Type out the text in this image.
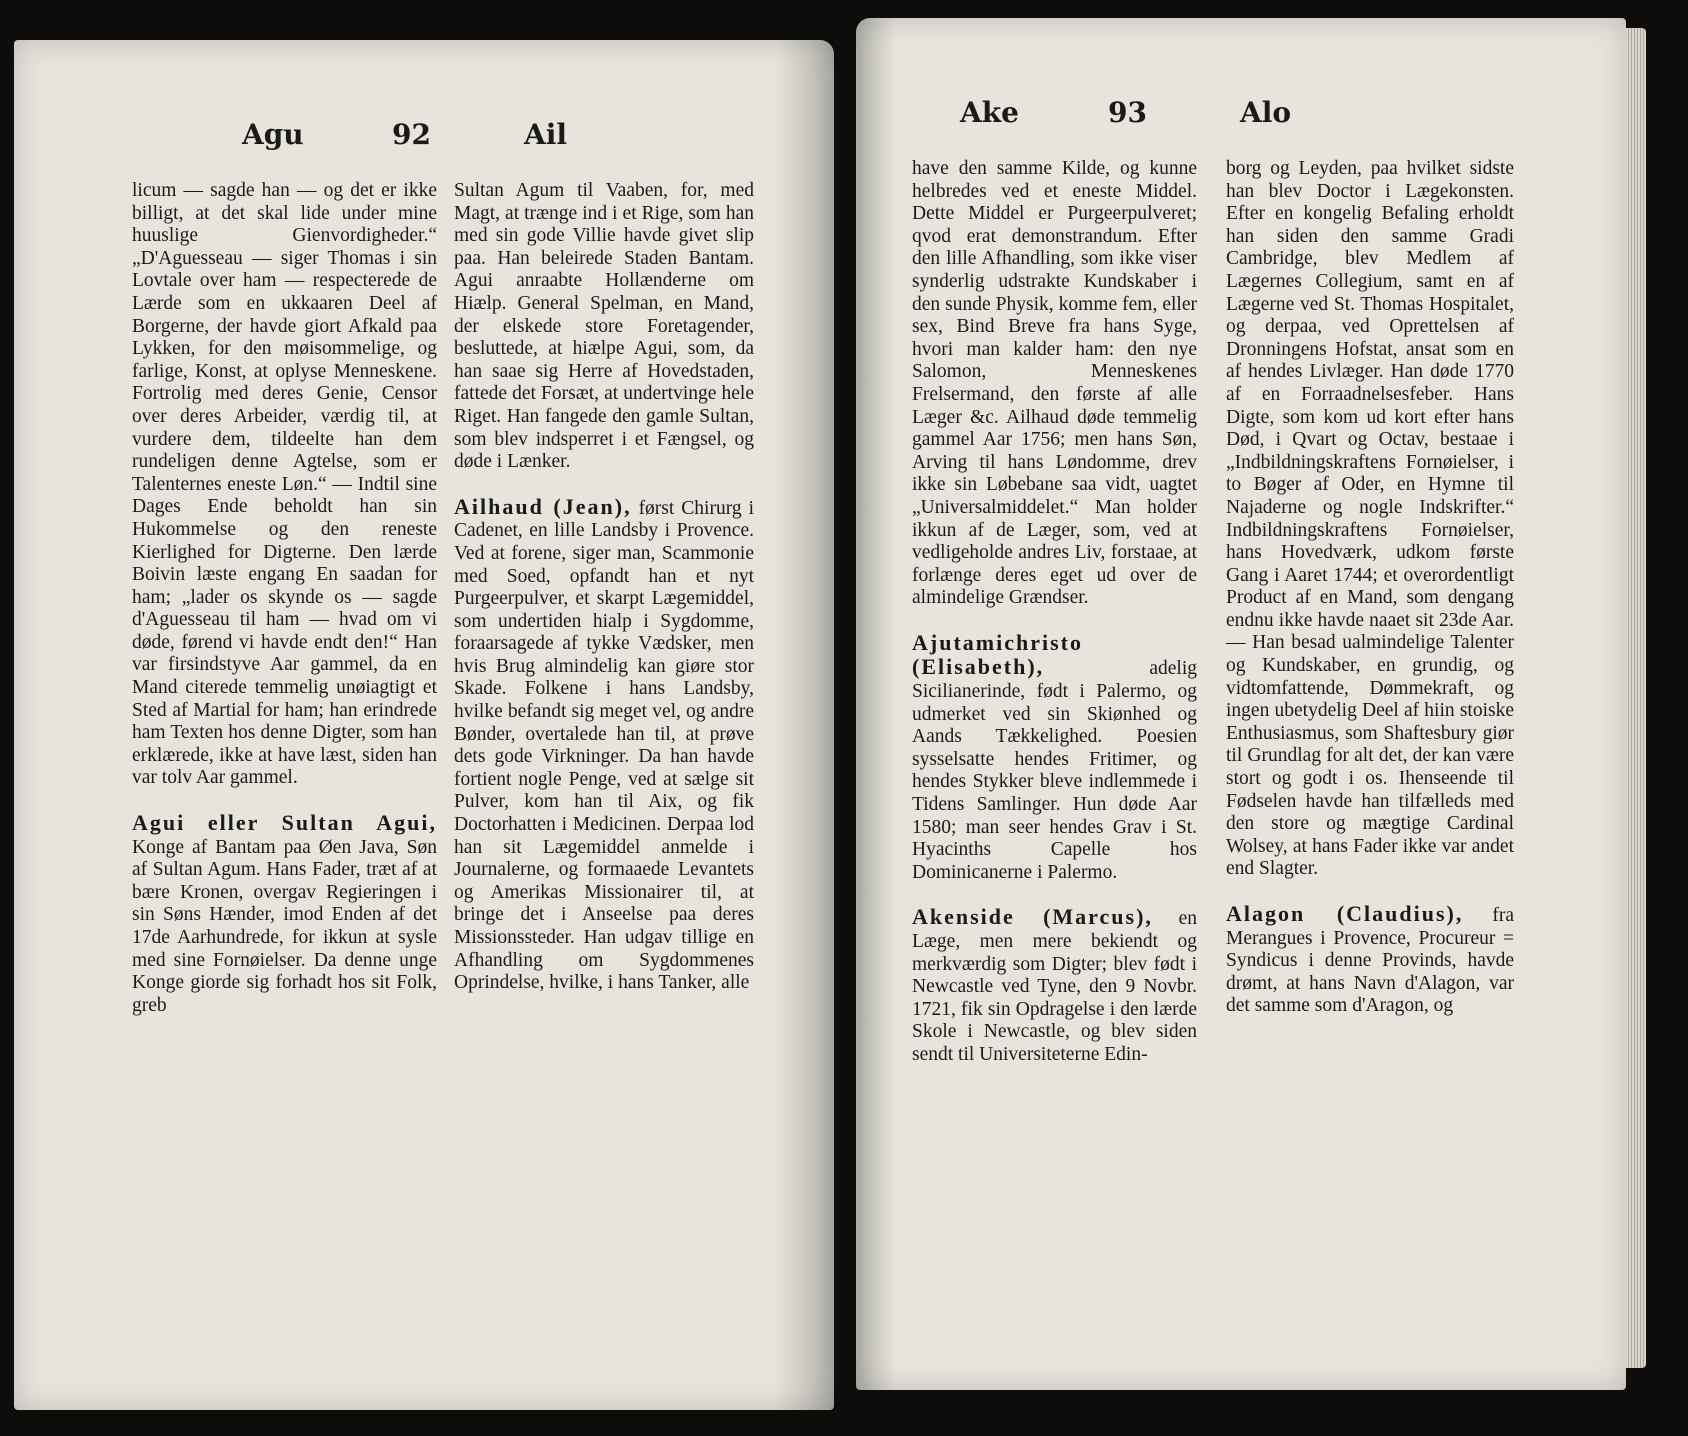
Agu	92	Ail

licum — sagde han — og det er ikke billigt, at det skal lide under mine huuslige Gienvordigheder.“ „D'Aguesseau — siger Thomas i sin Lovtale over ham — respecterede de Lærde som en ukkaaren Deel af Borgerne, der havde giort Afkald paa Lykken, for den møisommelige, og farlige, Konst, at oplyse Menneskene. Fortrolig med deres Genie, Censor over deres Arbeider, værdig til, at vurdere dem, tildeelte han dem rundeligen denne Agtelse, som er Talenternes eneste Løn.“ — Indtil sine Dages Ende beholdt han sin Hukommelse og den reneste Kierlighed for Digterne. Den lærde Boivin læste engang En saadan for ham; „lader os skynde os — sagde d'Aguesseau til ham — hvad om vi døde, førend vi havde endt den!“ Han var firsindstyve Aar gammel, da en Mand citerede temmelig unøiagtigt et Sted af Martial for ham; han erindrede ham Texten hos denne Digter, som han erklærede, ikke at have læst, siden han var tolv Aar gammel.

Agui eller Sultan Agui, Konge af Bantam paa Øen Java, Søn af Sultan Agum. Hans Fader, træt af at bære Kronen, overgav Regieringen i sin Søns Hænder, imod Enden af det 17de Aarhundrede, for ikkun at sysle med sine Fornøielser. Da denne unge Konge giorde sig forhadt hos sit Folk, greb

Sultan Agum til Vaaben, for, med Magt, at trænge ind i et Rige, som han med sin gode Villie havde givet slip paa. Han beleirede Staden Bantam. Agui anraabte Hollænderne om Hiælp. General Spelman, en Mand, der elskede store Foretagender, besluttede, at hiælpe Agui, som, da han saae sig Herre af Hovedstaden, fattede det Forsæt, at undertvinge hele Riget. Han fangede den gamle Sultan, som blev indsperret i et Fængsel, og døde i Lænker.

Ailhaud (Jean), først Chirurg i Cadenet, en lille Landsby i Provence. Ved at forene, siger man, Scammonie med Soed, opfandt han et nyt Purgeerpulver, et skarpt Lægemiddel, som undertiden hialp i Sygdomme, foraarsagede af tykke Vædsker, men hvis Brug almindelig kan giøre stor Skade. Folkene i hans Landsby, hvilke befandt sig meget vel, og andre Bønder, overtalede han til, at prøve dets gode Virkninger. Da han havde fortient nogle Penge, ved at sælge sit Pulver, kom han til Aix, og fik Doctorhatten i Medicinen. Derpaa lod han sit Lægemiddel anmelde i Journalerne, og formaaede Levantets og Amerikas Missionairer til, at bringe det i Anseelse paa deres Missionssteder. Han udgav tillige en Afhandling om Sygdommenes Oprindelse, hvilke, i hans Tanker, alle

Ake	93	Alo

have den samme Kilde, og kunne helbredes ved et eneste Middel. Dette Middel er Purgeerpulveret; qvod erat demonstrandum. Efter den lille Afhandling, som ikke viser synderlig udstrakte Kundskaber i den sunde Physik, komme fem, eller sex, Bind Breve fra hans Syge, hvori man kalder ham: den nye Salomon, Menneskenes Frelsermand, den første af alle Læger &c. Ailhaud døde temmelig gammel Aar 1756; men hans Søn, Arving til hans Løndomme, drev ikke sin Løbebane saa vidt, uagtet „Universalmiddelet.“ Man holder ikkun af de Læger, som, ved at vedligeholde andres Liv, forstaae, at forlænge deres eget ud over de almindelige Grændser.

Ajutamichristo (Elisabeth),	adelig Sicilianerinde, født i Palermo, og udmerket ved sin Skiønhed og Aands Tækkelighed. Poesien sysselsatte hendes Fritimer, og hendes Stykker bleve indlemmede i Tidens Samlinger. Hun døde Aar 1580; man seer hendes Grav i St. Hyacinths Capelle hos Dominicanerne i Palermo.

Akenside (Marcus), en Læge, men mere bekiendt og merkværdig som Digter; blev født i Newcastle ved Tyne, den 9 Novbr. 1721, fik sin Opdragelse i den lærde Skole i Newcastle, og blev siden sendt til Universiteterne Edin-

borg og Leyden, paa hvilket sidste han blev Doctor i Lægekonsten. Efter en kongelig Befaling erholdt han siden den samme Gradi Cambridge, blev Medlem af Lægernes Collegium, samt en af Lægerne ved St. Thomas Hospitalet, og derpaa, ved Oprettelsen af Dronningens Hofstat, ansat som en af hendes Livlæger. Han døde 1770 af en Forraadnelsesfeber. Hans Digte, som kom ud kort efter hans Død, i Qvart og Octav, bestaae i „Indbildningskraftens Fornøielser, i to Bøger af Oder, en Hymne til Najaderne og nogle Indskrifter.“ Indbildningskraftens Fornøielser, hans Hovedværk, udkom første Gang i Aaret 1744; et overordentligt Product af en Mand, som dengang endnu ikke havde naaet sit 23de Aar. — Han besad ualmindelige Talenter og Kundskaber, en grundig, og vidtomfattende, Dømmekraft, og ingen ubetydelig Deel af hiin stoiske Enthusiasmus, som Shaftesbury giør til Grundlag for alt det, der kan være stort og godt i os. Ihenseende til Fødselen havde han tilfælleds med den store og mægtige Cardinal Wolsey, at hans Fader ikke var andet end Slagter.

Alagon (Claudius), fra Merangues i Provence, Procureur = Syndicus i denne Provinds, havde drømt, at hans Navn d'Alagon, var det samme som d'Aragon, og
